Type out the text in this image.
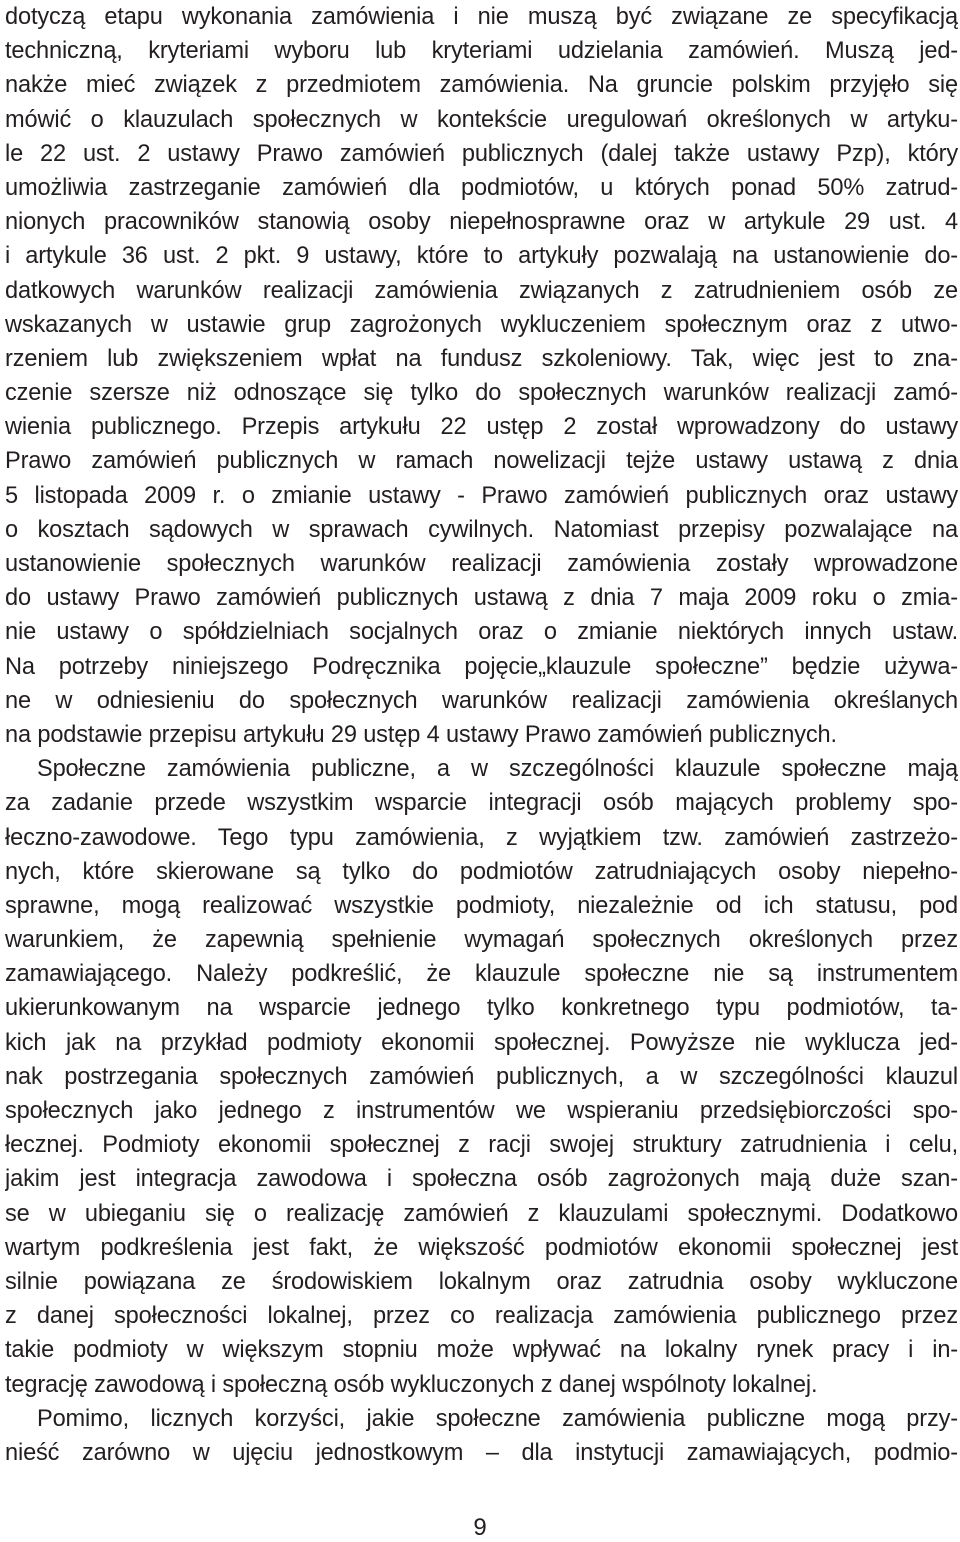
dotyczą etapu wykonania zamówienia i nie muszą być związane ze specyfikacją
techniczną, kryteriami wyboru lub kryteriami udzielania zamówień. Muszą jed-
nakże mieć związek z przedmiotem zamówienia. Na gruncie polskim przyjęło się
mówić o klauzulach społecznych w kontekście uregulowań określonych w artyku-
le 22 ust. 2 ustawy Prawo zamówień publicznych (dalej także ustawy Pzp), który
umożliwia zastrzeganie zamówień dla podmiotów, u których ponad 50% zatrud-
nionych pracowników stanowią osoby niepełnosprawne oraz w artykule 29 ust. 4
i artykule 36 ust. 2 pkt. 9 ustawy, które to artykuły pozwalają na ustanowienie do-
datkowych warunków realizacji zamówienia związanych z zatrudnieniem osób ze
wskazanych w ustawie grup zagrożonych wykluczeniem społecznym oraz z utwo-
rzeniem lub zwiększeniem wpłat na fundusz szkoleniowy. Tak, więc jest to zna-
czenie szersze niż odnoszące się tylko do społecznych warunków realizacji zamó-
wienia publicznego. Przepis artykułu 22 ustęp 2 został wprowadzony do ustawy
Prawo zamówień publicznych w ramach nowelizacji tejże ustawy ustawą z dnia
5 listopada 2009 r. o zmianie ustawy - Prawo zamówień publicznych oraz ustawy
o kosztach sądowych w sprawach cywilnych. Natomiast przepisy pozwalające na
ustanowienie społecznych warunków realizacji zamówienia zostały wprowadzone
do ustawy Prawo zamówień publicznych ustawą z dnia 7 maja 2009 roku o zmia-
nie ustawy o spółdzielniach socjalnych oraz o zmianie niektórych innych ustaw.
Na potrzeby niniejszego Podręcznika pojęcie„klauzule społeczne” będzie używa-
ne w odniesieniu do społecznych warunków realizacji zamówienia określanych
na podstawie przepisu artykułu 29 ustęp 4 ustawy Prawo zamówień publicznych.
Społeczne zamówienia publiczne, a w szczególności klauzule społeczne mają
za zadanie przede wszystkim wsparcie integracji osób mających problemy spo-
łeczno-zawodowe. Tego typu zamówienia, z wyjątkiem tzw. zamówień zastrzeżo-
nych, które skierowane są tylko do podmiotów zatrudniających osoby niepełno-
sprawne, mogą realizować wszystkie podmioty, niezależnie od ich statusu, pod
warunkiem, że zapewnią spełnienie wymagań społecznych określonych przez
zamawiającego. Należy podkreślić, że klauzule społeczne nie są instrumentem
ukierunkowanym na wsparcie jednego tylko konkretnego typu podmiotów, ta-
kich jak na przykład podmioty ekonomii społecznej. Powyższe nie wyklucza jed-
nak postrzegania społecznych zamówień publicznych, a w szczególności klauzul
społecznych jako jednego z instrumentów we wspieraniu przedsiębiorczości spo-
łecznej. Podmioty ekonomii społecznej z racji swojej struktury zatrudnienia i celu,
jakim jest integracja zawodowa i społeczna osób zagrożonych mają duże szan-
se w ubieganiu się o realizację zamówień z klauzulami społecznymi. Dodatkowo
wartym podkreślenia jest fakt, że większość podmiotów ekonomii społecznej jest
silnie powiązana ze środowiskiem lokalnym oraz zatrudnia osoby wykluczone
z danej społeczności lokalnej, przez co realizacja zamówienia publicznego przez
takie podmioty w większym stopniu może wpływać na lokalny rynek pracy i in-
tegrację zawodową i społeczną osób wykluczonych z danej wspólnoty lokalnej.
Pomimo, licznych korzyści, jakie społeczne zamówienia publiczne mogą przy-
nieść zarówno w ujęciu jednostkowym – dla instytucji zamawiających, podmio-
9
